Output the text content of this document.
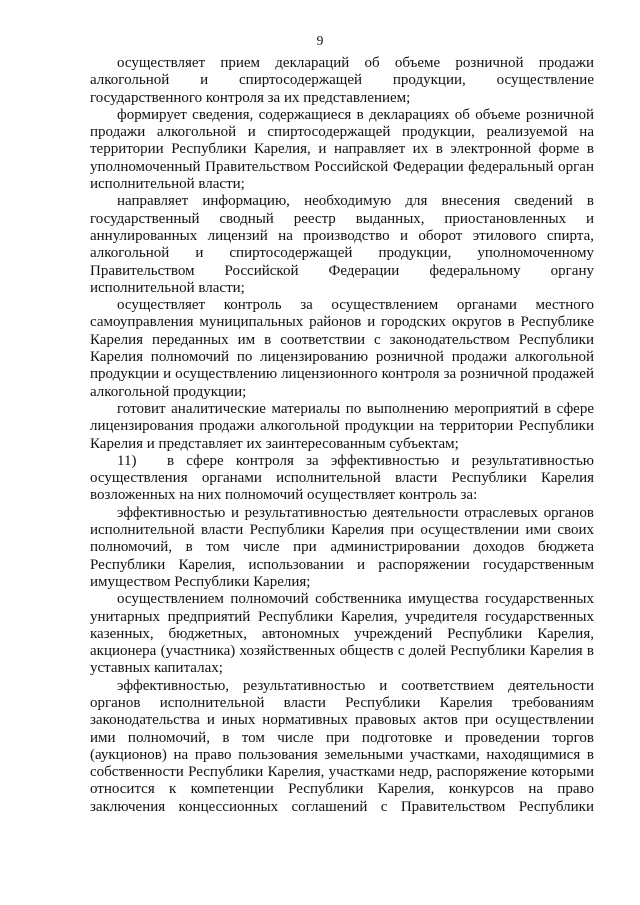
9

осуществляет прием деклараций об объеме розничной продажи алкогольной и спиртосодержащей продукции, осуществление государственного контроля за их представлением;

формирует сведения, содержащиеся в декларациях об объеме розничной продажи алкогольной и спиртосодержащей продукции, реализуемой на территории Республики Карелия, и направляет их в электронной форме в уполномоченный Правительством Российской Федерации федеральный орган исполнительной власти;

направляет информацию, необходимую для внесения сведений в государственный сводный реестр выданных, приостановленных и аннулированных лицензий на производство и оборот этилового спирта, алкогольной и спиртосодержащей продукции, уполномоченному Правительством Российской Федерации федеральному органу исполнительной власти;

осуществляет контроль за осуществлением органами местного самоуправления муниципальных районов и городских округов в Республике Карелия переданных им в соответствии с законодательством Республики Карелия полномочий по лицензированию розничной продажи алкогольной продукции и осуществлению лицензионного контроля за розничной продажей алкогольной продукции;

готовит аналитические материалы по выполнению мероприятий в сфере лицензирования продажи алкогольной продукции на территории Республики Карелия и представляет их заинтересованным субъектам;

11) в сфере контроля за эффективностью и результативностью осуществления органами исполнительной власти Республики Карелия возложенных на них полномочий осуществляет контроль за:

эффективностью и результативностью деятельности отраслевых органов исполнительной власти Республики Карелия при осуществлении ими своих полномочий, в том числе при администрировании доходов бюджета Республики Карелия, использовании и распоряжении государственным имуществом Республики Карелия;

осуществлением полномочий собственника имущества государственных унитарных предприятий Республики Карелия, учредителя государственных казенных, бюджетных, автономных учреждений Республики Карелия, акционера (участника) хозяйственных обществ с долей Республики Карелия в уставных капиталах;

эффективностью, результативностью и соответствием деятельности органов исполнительной власти Республики Карелия требованиям законодательства и иных нормативных правовых актов при осуществлении ими полномочий, в том числе при подготовке и проведении торгов (аукционов) на право пользования земельными участками, находящимися в собственности Республики Карелия, участками недр, распоряжение которыми относится к компетенции Республики Карелия, конкурсов на право заключения концессионных соглашений с Правительством Республики
